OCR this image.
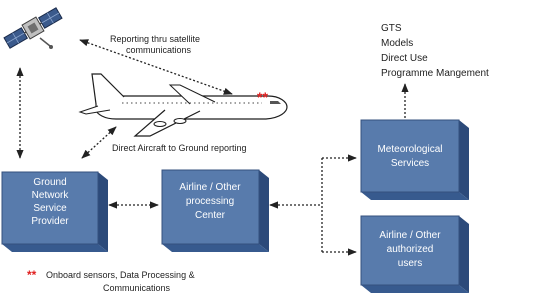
Ground
Network
Service
Provider
Airline / Other
processing
Center
Meteorological
Services
Airline / Other
authorized
users
Reporting thru satellite
communications
Direct Aircraft to Ground reporting
GTS
Models
Direct Use
Programme Mangement
**
** Onboard sensors, Data Processing &
Communications
